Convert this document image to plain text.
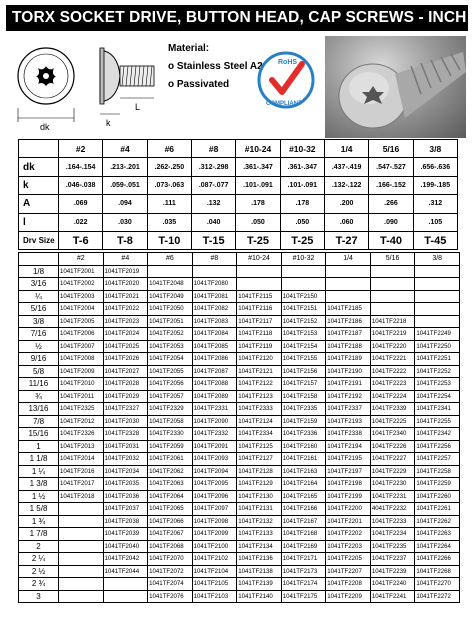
TORX SOCKET DRIVE, BUTTON HEAD, CAP SCREWS - INCH
dk	k
L
Material:
o Stainless Steel A2
o Passivated
RoHS
COMPLIANT
	#2	#4	#6	#8	#10-24	#10-32	1/4	5/16	3/8
dk	.164-.154	.213-.201	.262-.250	.312-.298	.361-.347	.361-.347	.437-.419	.547-.527	.656-.636
k	.046-.038	.059-.051	.073-.063	.087-.077	.101-.091	.101-.091	.132-.122	.166-.152	.199-.185
A	.069	.094	.111	.132	.178	.178	.200	.266	.312
l	.022	.030	.035	.040	.050	.050	.060	.090	.105
Drv Size	T-6	T-8	T-10	T-15	T-25	T-25	T-27	T-40	T-45
	#2	#4	#6	#8	#10-24	#10-32	1/4	5/16	3/8
1/8	1041TF2001	1041TF2019							
3/16	1041TF2002	1041TF2020	1041TF2048	1041TF2080					
¼	1041TF2003	1041TF2021	1041TF2049	1041TF2081	1041TF2115	1041TF2150			
5/16	1041TF2004	1041TF2022	1041TF2050	1041TF2082	1041TF2116	1041TF2151	1041TF2185		
3/8	1041TF2005	1041TF2023	1041TF2051	1041TF2083	1041TF2117	1041TF2152	1041TF2186	1041TF2218	
7/16	1041TF2006	1041TF2024	1041TF2052	1041TF2084	1041TF2118	1041TF2153	1041TF2187	1041TF2219	1041TF2249
½	1041TF2007	1041TF2025	1041TF2053	1041TF2085	1041TF2119	1041TF2154	1041TF2188	1041TF2220	1041TF2250
9/16	1041TF2008	1041TF2026	1041TF2054	1041TF2086	1041TF2120	1041TF2155	1041TF2189	1041TF2221	1041TF2251
5/8	1041TF2009	1041TF2027	1041TF2055	1041TF2087	1041TF2121	1041TF2156	1041TF2190	1041TF2222	1041TF2252
11/16	1041TF2010	1041TF2028	1041TF2056	1041TF2088	1041TF2122	1041TF2157	1041TF2191	1041TF2223	1041TF2253
¾	1041TF2011	1041TF2029	1041TF2057	1041TF2089	1041TF2123	1041TF2158	1041TF2192	1041TF2224	1041TF2254
13/16	1041TF2325	1041TF2327	1041TF2329	1041TF2331	1041TF2333	1041TF2335	1041TF2337	1041TF2339	1041TF2341
7/8	1041TF2012	1041TF2030	1041TF2058	1041TF2090	1041TF2124	1041TF2159	1041TF2193	1041TF2225	1041TF2255
15/16	1041TF2326	1041TF2328	1041TF2330	1041TF2332	1041TF2334	1041TF2336	1041TF2338	1041TF2340	1041TF2342
1	1041TF2013	1041TF2031	1041TF2059	1041TF2091	1041TF2125	1041TF2160	1041TF2194	1041TF2226	1041TF2256
1 1/8	1041TF2014	1041TF2032	1041TF2061	1041TF2093	1041TF2127	1041TF2161	1041TF2195	1041TF2227	1041TF2257
1 ¼	1041TF2016	1041TF2034	1041TF2062	1041TF2094	1041TF2128	1041TF2163	1041TF2197	1041TF2229	1041TF2258
1 3/8	1041TF2017	1041TF2035	1041TF2063	1041TF2095	1041TF2129	1041TF2164	1041TF2198	1041TF2230	1041TF2259
1 ½	1041TF2018	1041TF2036	1041TF2064	1041TF2096	1041TF2130	1041TF2165	1041TF2199	1041TF2231	1041TF2260
1 5/8		1041TF2037	1041TF2065	1041TF2097	1041TF2131	1041TF2166	1041TF2200	4041TF2232	1041TF2261
1 ¾		1041TF2038	1041TF2066	1041TF2098	1041TF2132	1041TF2167	1041TF2201	1041TF2233	1041TF2262
1 7/8		1041TF2039	1041TF2067	1041TF2099	1041TF2133	1041TF2168	1041TF2202	1041TF2234	1041TF2263
2		1041TF2040	1041TF2068	1041TF2100	1041TF2134	1041TF2169	1041TF2203	1041TF2235	1041TF2264
2 ¼		1041TF2042	1041TF2070	1041TF2102	1041TF2136	1041TF2171	1041TF2205	1041TF2237	1041TF2266
2 ½		1041TF2044	1041TF2072	1041TF2104	1041TF2138	1041TF2173	1041TF2207	1041TF2239	1041TF2268
2 ¾			1041TF2074	1041TF2105	1041TF2139	1041TF2174	1041TF2208	1041TF2240	1041TF2270
3			1041TF2076	1041TF2103	1041TF2140	1041TF2175	1041TF2209	1041TF2241	1041TF2272
